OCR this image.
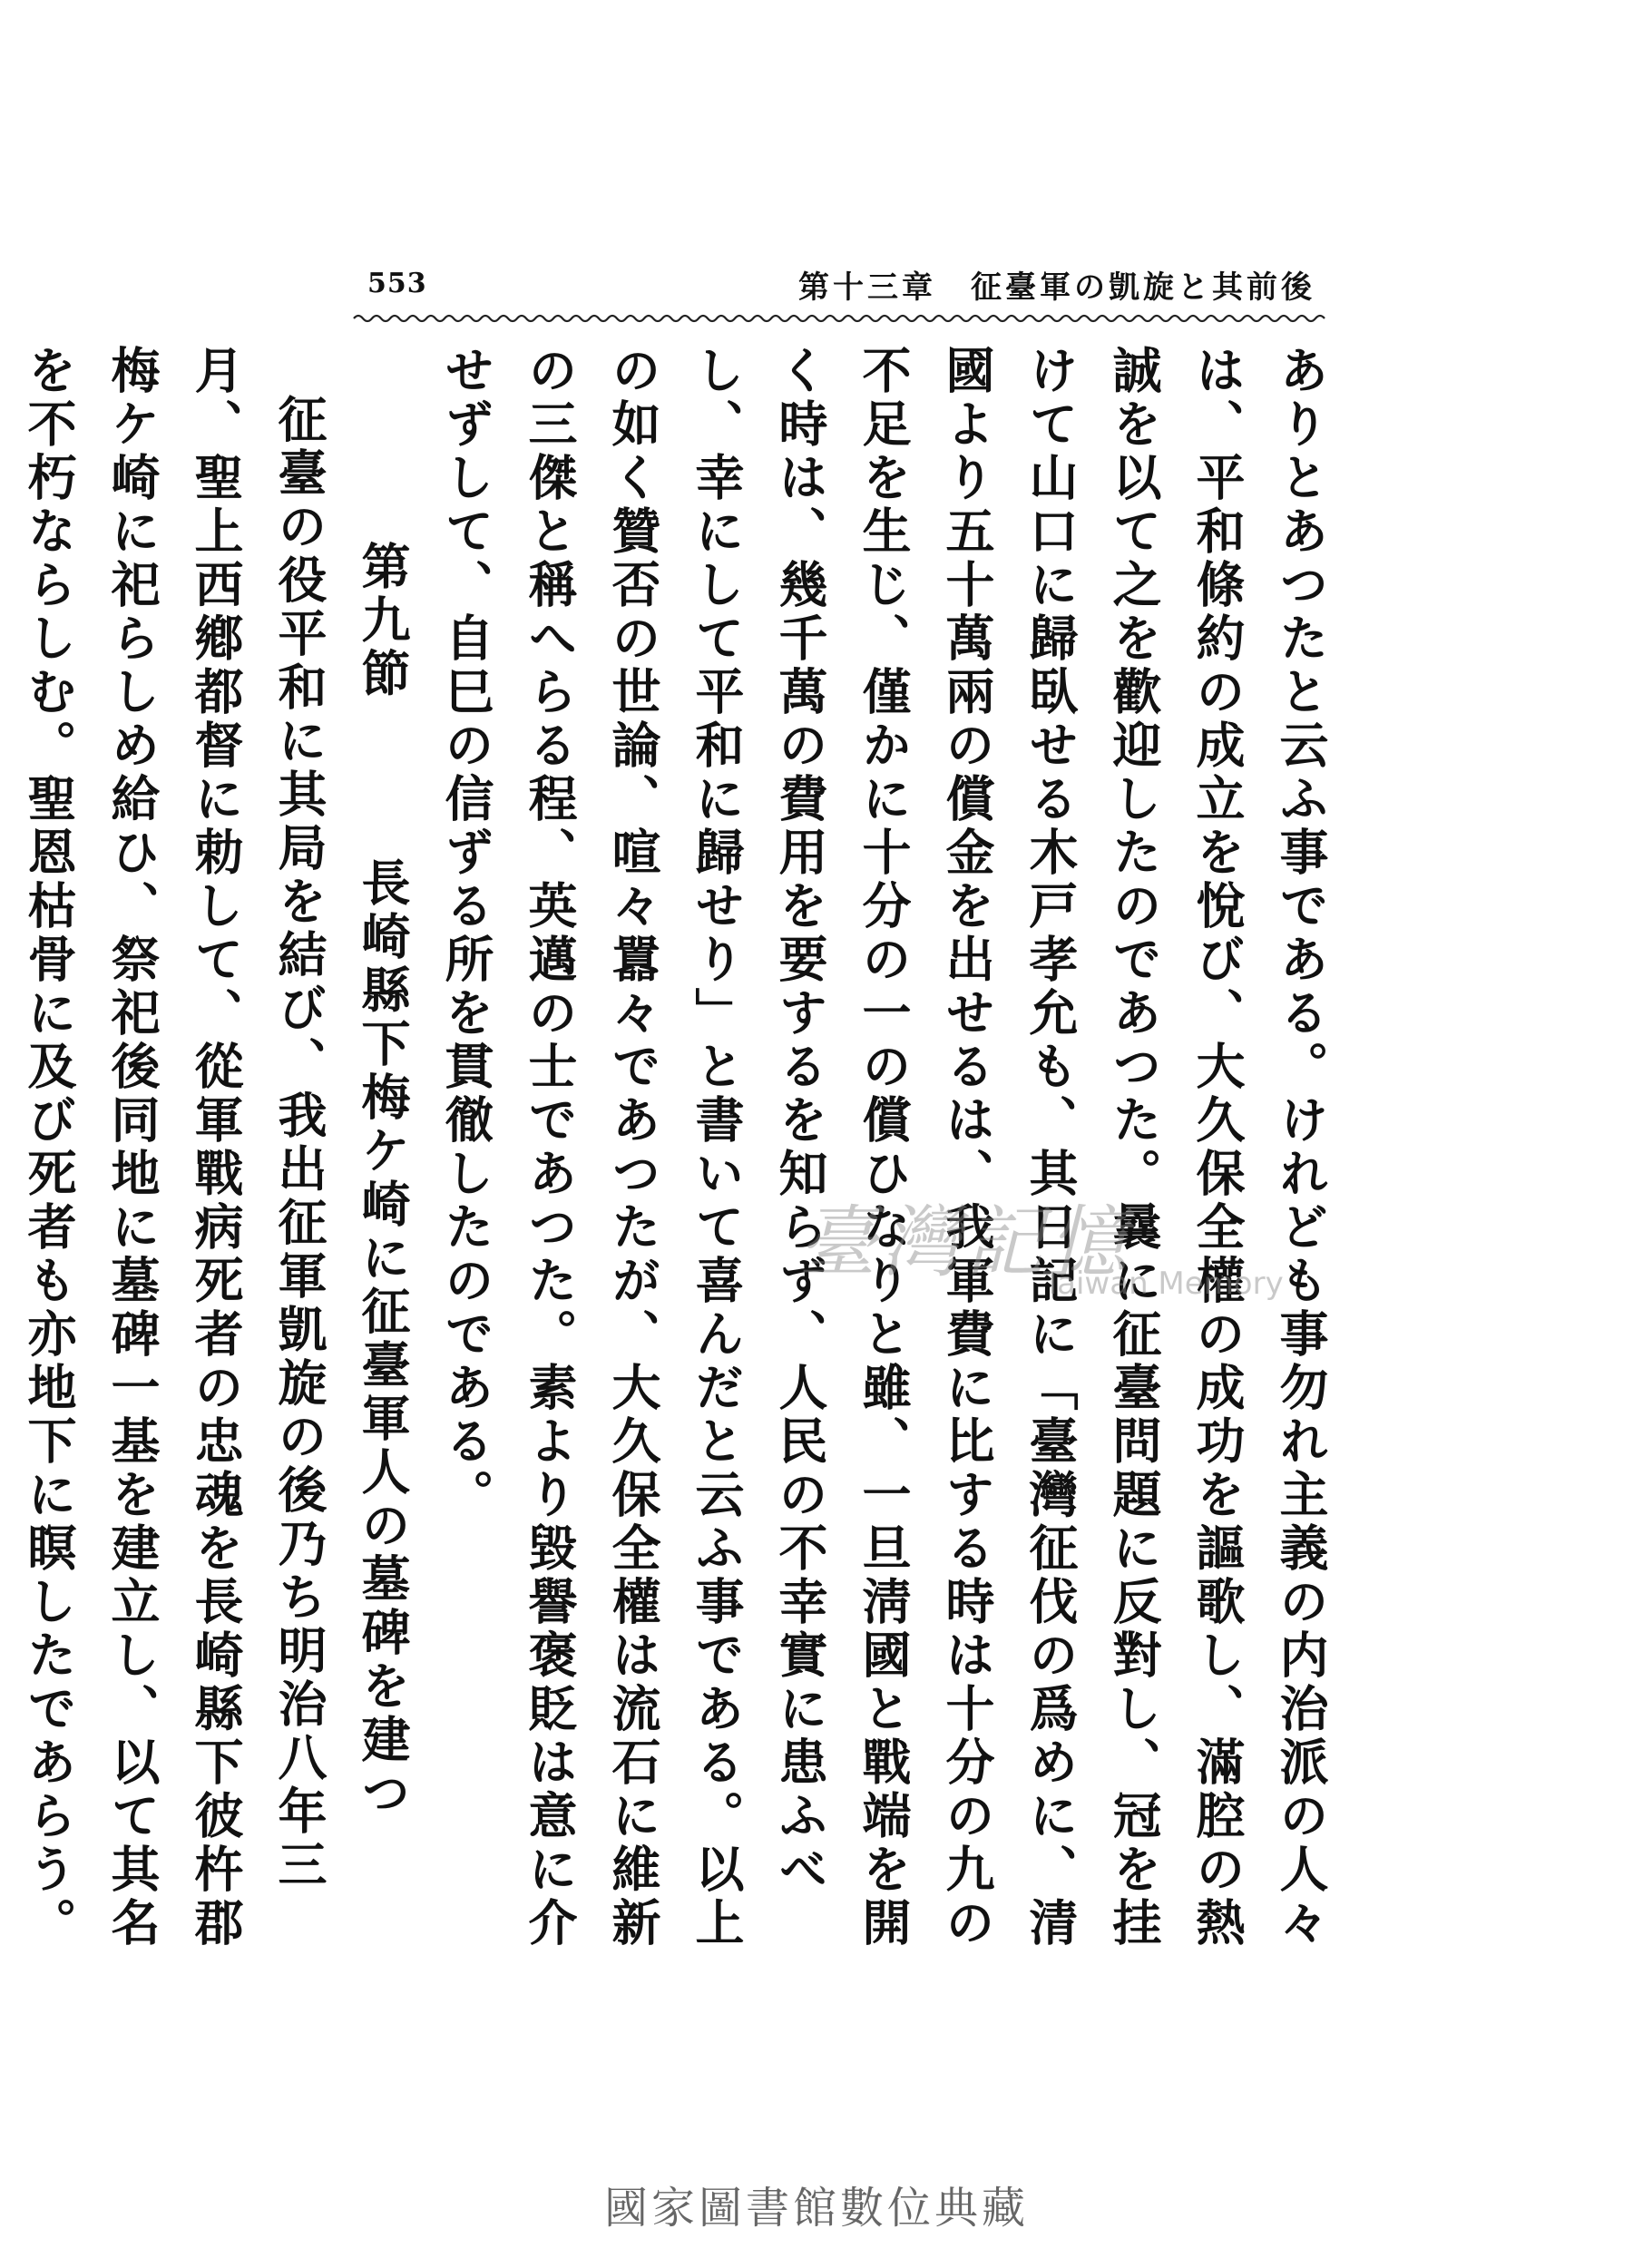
553	第十三章　征臺軍の凱旋と其前後

ありとあつたと云ふ事である。けれども事勿れ主義の内治派の人々は、平和條約の成立を悅び、大久保全權の成功を謳歌し、滿腔の熱誠を以て之を歡迎したのであつた。曩に征臺問題に反對し、冠を挂けて山口に歸臥せる木戸孝允も、其日記に「臺灣征伐の爲めに、清國より五十萬兩の償金を出せるは、我軍費に比する時は十分の九の不足を生じ、僅かに十分の一の償ひなりと雖、一旦淸國と戰端を開く時は、幾千萬の費用を要するを知らず、人民の不幸實に患ふべし、幸にして平和に歸せり」と書いて喜んだと云ふ事である。以上の如く贊否の世論、喧々囂々であつたが、大久保全權は流石に維新の三傑と稱へらる程、英邁の士であつた。素より毀譽褒貶は意に介せずして、自巳の信ずる所を貫徹したのである。

第九節　　長崎縣下梅ケ崎に征臺軍人の墓碑を建つ

征臺の役平和に其局を結び、我出征軍凱旋の後乃ち明治八年三月、聖上西鄕都督に勅して、從軍戰病死者の忠魂を長崎縣下彼杵郡梅ケ崎に祀らしめ給ひ、祭祀後同地に墓碑一基を建立し、以て其名を不朽ならしむ。聖恩枯骨に及び死者も亦地下に瞑したであらう。

臺灣記憶
Taiwan Memory
國家圖書館數位典藏
